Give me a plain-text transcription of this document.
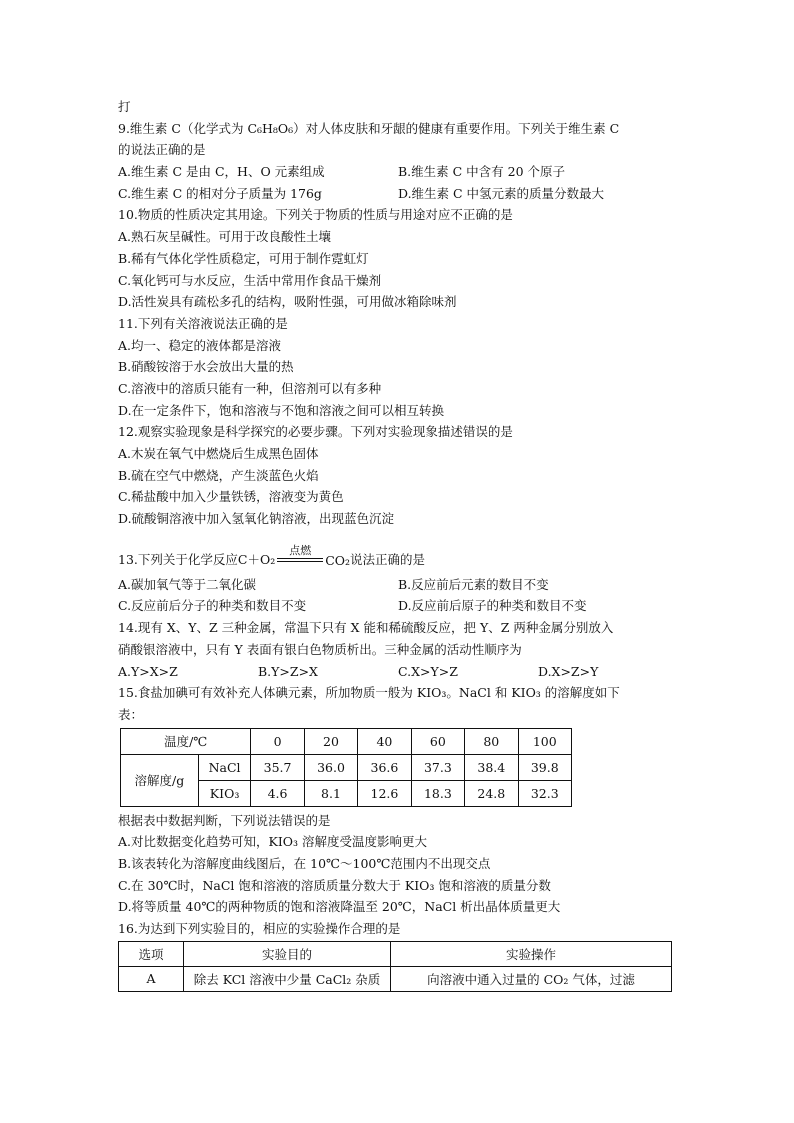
打
9.维生素 C（化学式为 C₆H₈O₆）对人体皮肤和牙龈的健康有重要作用。下列关于维生素 C
的说法正确的是
A.维生素 C 是由 C，H、O 元素组成	B.维生素 C 中含有 20 个原子
C.维生素 C 的相对分子质量为 176g	D.维生素 C 中氢元素的质量分数最大
10.物质的性质决定其用途。下列关于物质的性质与用途对应不正确的是
A.熟石灰呈碱性。可用于改良酸性土壤
B.稀有气体化学性质稳定，可用于制作霓虹灯
C.氧化钙可与水反应，生活中常用作食品干燥剂
D.活性炭具有疏松多孔的结构，吸附性强，可用做冰箱除味剂
11.下列有关溶液说法正确的是
A.均一、稳定的液体都是溶液
B.硝酸铵溶于水会放出大量的热
C.溶液中的溶质只能有一种，但溶剂可以有多种
D.在一定条件下，饱和溶液与不饱和溶液之间可以相互转换
12.观察实验现象是科学探究的必要步骤。下列对实验现象描述错误的是
A.木炭在氧气中燃烧后生成黑色固体
B.硫在空气中燃烧，产生淡蓝色火焰
C.稀盐酸中加入少量铁锈，溶液变为黄色
D.硫酸铜溶液中加入氢氧化钠溶液，出现蓝色沉淀
13.下列关于化学反应 C＋O₂
点燃
CO₂ 说法正确的是
A.碳加氧气等于二氧化碳	B.反应前后元素的数目不变
C.反应前后分子的种类和数目不变	D.反应前后原子的种类和数目不变
14.现有 X、Y、Z 三种金属，常温下只有 X 能和稀硫酸反应，把 Y、Z 两种金属分别放入
硝酸银溶液中，只有 Y 表面有银白色物质析出。三种金属的活动性顺序为
A.Y>X>Z	B.Y>Z>X	C.X>Y>Z	D.X>Z>Y
15.食盐加碘可有效补充人体碘元素，所加物质一般为 KIO₃。NaCl 和 KIO₃ 的溶解度如下
表：
温度/℃		0	20	40	60	80	100
溶解度/g	NaCl	35.7	36.0	36.6	37.3	38.4	39.8
	KIO₃	4.6	8.1	12.6	18.3	24.8	32.3
根据表中数据判断，下列说法错误的是
A.对比数据变化趋势可知，KIO₃ 溶解度受温度影响更大
B.该表转化为溶解度曲线图后，在 10℃～100℃范围内不出现交点
C.在 30℃时，NaCl 饱和溶液的溶质质量分数大于 KIO₃ 饱和溶液的质量分数
D.将等质量 40℃的两种物质的饱和溶液降温至 20℃，NaCl 析出晶体质量更大
16.为达到下列实验目的，相应的实验操作合理的是
选项	实验目的	实验操作
A	除去 KCl 溶液中少量 CaCl₂ 杂质	向溶液中通入过量的 CO₂ 气体，过滤
